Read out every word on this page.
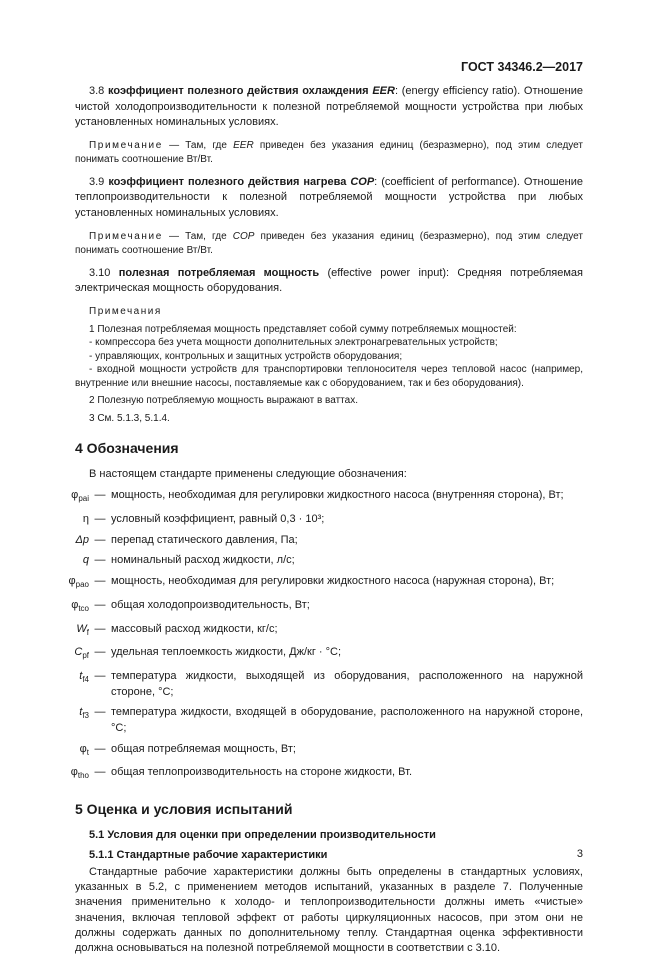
ГОСТ 34346.2—2017

3.8 коэффициент полезного действия охлаждения EER: (energy efficiency ratio). Отношение чистой холодопроизводительности к полезной потребляемой мощности устройства при любых установленных номинальных условиях.

Примечание — Там, где EER приведен без указания единиц (безразмерно), под этим следует понимать соотношение Вт/Вт.

3.9 коэффициент полезного действия нагрева COP: (coefficient of performance). Отношение теплопроизводительности к полезной потребляемой мощности устройства при любых установленных номинальных условиях.

Примечание — Там, где COP приведен без указания единиц (безразмерно), под этим следует понимать соотношение Вт/Вт.

3.10 полезная потребляемая мощность (effective power input): Средняя потребляемая электрическая мощность оборудования.

Примечания

1 Полезная потребляемая мощность представляет собой сумму потребляемых мощностей:

- компрессора без учета мощности дополнительных электронагревательных устройств;

- управляющих, контрольных и защитных устройств оборудования;

- входной мощности устройств для транспортировки теплоносителя через тепловой насос (например, внутренние или внешние насосы, поставляемые как с оборудованием, так и без оборудования).

2 Полезную потребляемую мощность выражают в ваттах.

3 См. 5.1.3, 5.1.4.

4 Обозначения

В настоящем стандарте применены следующие обозначения:

$\varphi_{pai}$ — мощность, необходимая для регулировки жидкостного насоса (внутренняя сторона), Вт;
η — условный коэффициент, равный 0,3 · 10³;
Δp — перепад статического давления, Па;
q — номинальный расход жидкости, л/с;
$\varphi_{pao}$ — мощность, необходимая для регулировки жидкостного насоса (наружная сторона), Вт;
$\varphi_{tco}$ — общая холодопроизводительность, Вт;
$W_f$ — массовый расход жидкости, кг/с;
$C_{pf}$ — удельная теплоемкость жидкости, Дж/кг · °С;
$t_{f4}$ — температура жидкости, выходящей из оборудования, расположенного на наружной стороне, °С;
$t_{f3}$ — температура жидкости, входящей в оборудование, расположенного на наружной стороне, °С;
$\varphi_t$ — общая потребляемая мощность, Вт;
$\varphi_{tho}$ — общая теплопроизводительность на стороне жидкости, Вт.
5 Оценка и условия испытаний
5.1 Условия для оценки при определении производительности
5.1.1 Стандартные рабочие характеристики

Стандартные рабочие характеристики должны быть определены в стандартных условиях, указанных в 5.2, с применением методов испытаний, указанных в разделе 7. Полученные значения применительно к холодо- и теплопроизводительности должны иметь «чистые» значения, включая тепловой эффект от работы циркуляционных насосов, при этом они не должны содержать данных по дополнительному теплу. Стандартная оценка эффективности должна основываться на полезной потребляемой мощности в соответствии с 3.10.

3
